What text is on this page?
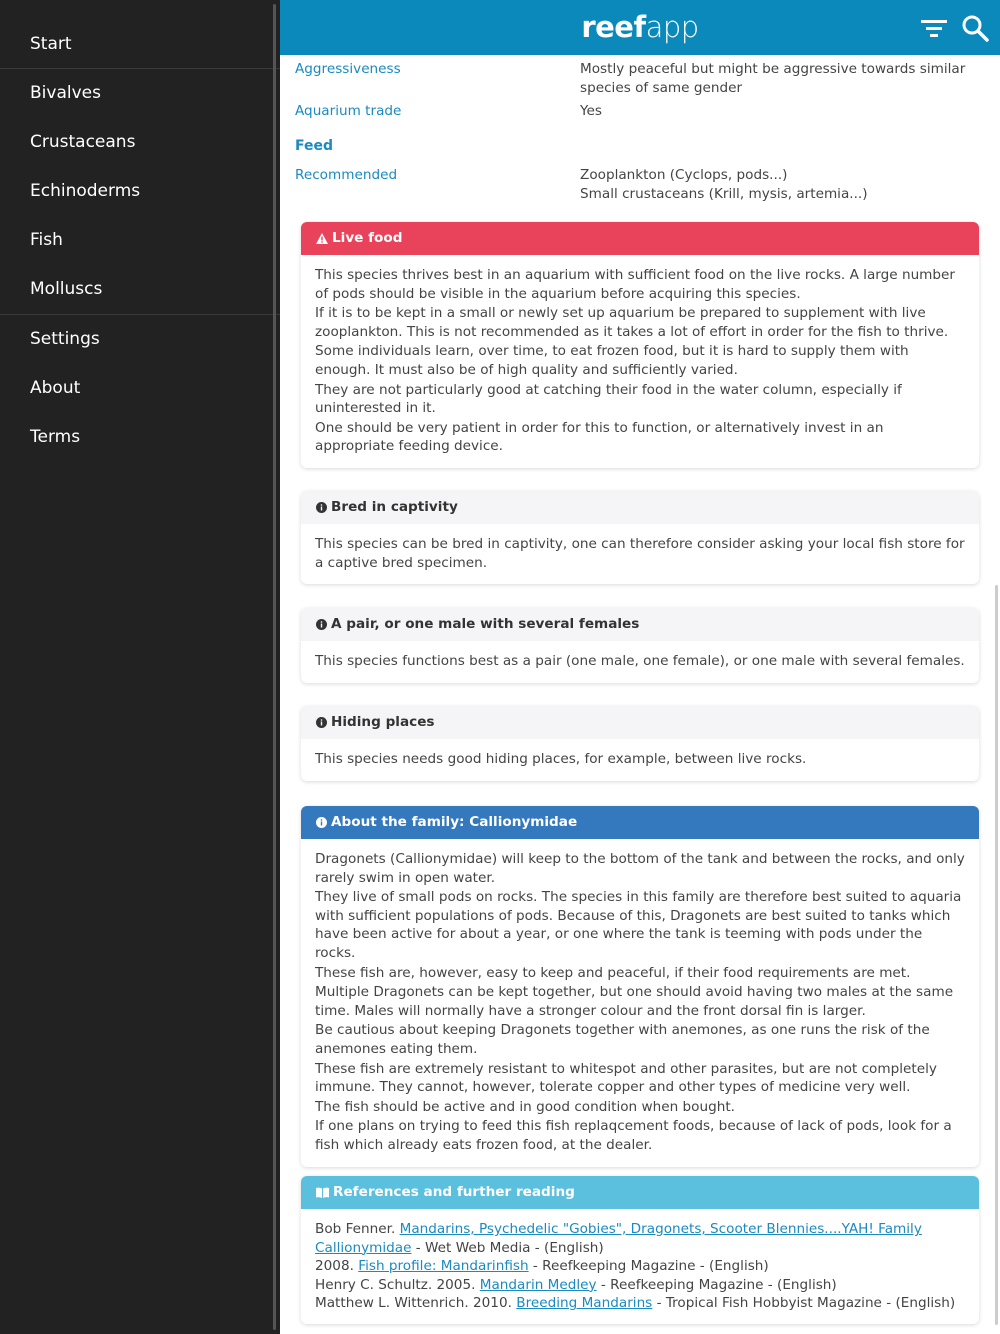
Start
Bivalves
Crustaceans
Echinoderms
Fish
Molluscs
Settings
About
Terms
Aggressiveness	Mostly peaceful but might be aggressive towards similar species of same gender
Aquarium trade	Yes
Feed
Recommended	Zooplankton (Cyclops, pods...)
Small crustaceans (Krill, mysis, artemia...)
Live food

This species thrives best in an aquarium with sufficient food on the live rocks. A large number of pods should be visible in the aquarium before acquiring this species.

If it is to be kept in a small or newly set up aquarium be prepared to supplement with live zooplankton. This is not recommended as it takes a lot of effort in order for the fish to thrive.

Some individuals learn, over time, to eat frozen food, but it is hard to supply them with enough. It must also be of high quality and sufficiently varied.

They are not particularly good at catching their food in the water column, especially if uninterested in it.

One should be very patient in order for this to function, or alternatively invest in an appropriate feeding device.

Bred in captivity

This species can be bred in captivity, one can therefore consider asking your local fish store for a captive bred specimen.

A pair, or one male with several females

This species functions best as a pair (one male, one female), or one male with several females.

Hiding places

This species needs good hiding places, for example, between live rocks.

About the family: Callionymidae

Dragonets (Callionymidae) will keep to the bottom of the tank and between the rocks, and only rarely swim in open water.

They live of small pods on rocks. The species in this family are therefore best suited to aquaria with sufficient populations of pods. Because of this, Dragonets are best suited to tanks which have been active for about a year, or one where the tank is teeming with pods under the rocks.

These fish are, however, easy to keep and peaceful, if their food requirements are met.

Multiple Dragonets can be kept together, but one should avoid having two males at the same time. Males will normally have a stronger colour and the front dorsal fin is larger.

Be cautious about keeping Dragonets together with anemones, as one runs the risk of the anemones eating them.

These fish are extremely resistant to whitespot and other parasites, but are not completely immune. They cannot, however, tolerate copper and other types of medicine very well.

The fish should be active and in good condition when bought.

If one plans on trying to feed this fish replaqcement foods, because of lack of pods, look for a fish which already eats frozen food, at the dealer.

References and further reading
Bob Fenner. Mandarins, Psychedelic "Gobies", Dragonets, Scooter Blennies....YAH! Family Callionymidae - Wet Web Media - (English)
2008. Fish profile: Mandarinfish - Reefkeeping Magazine - (English)
Henry C. Schultz. 2005. Mandarin Medley - Reefkeeping Magazine - (English)
Matthew L. Wittenrich. 2010. Breeding Mandarins - Tropical Fish Hobbyist Magazine - (English)
reefapp
